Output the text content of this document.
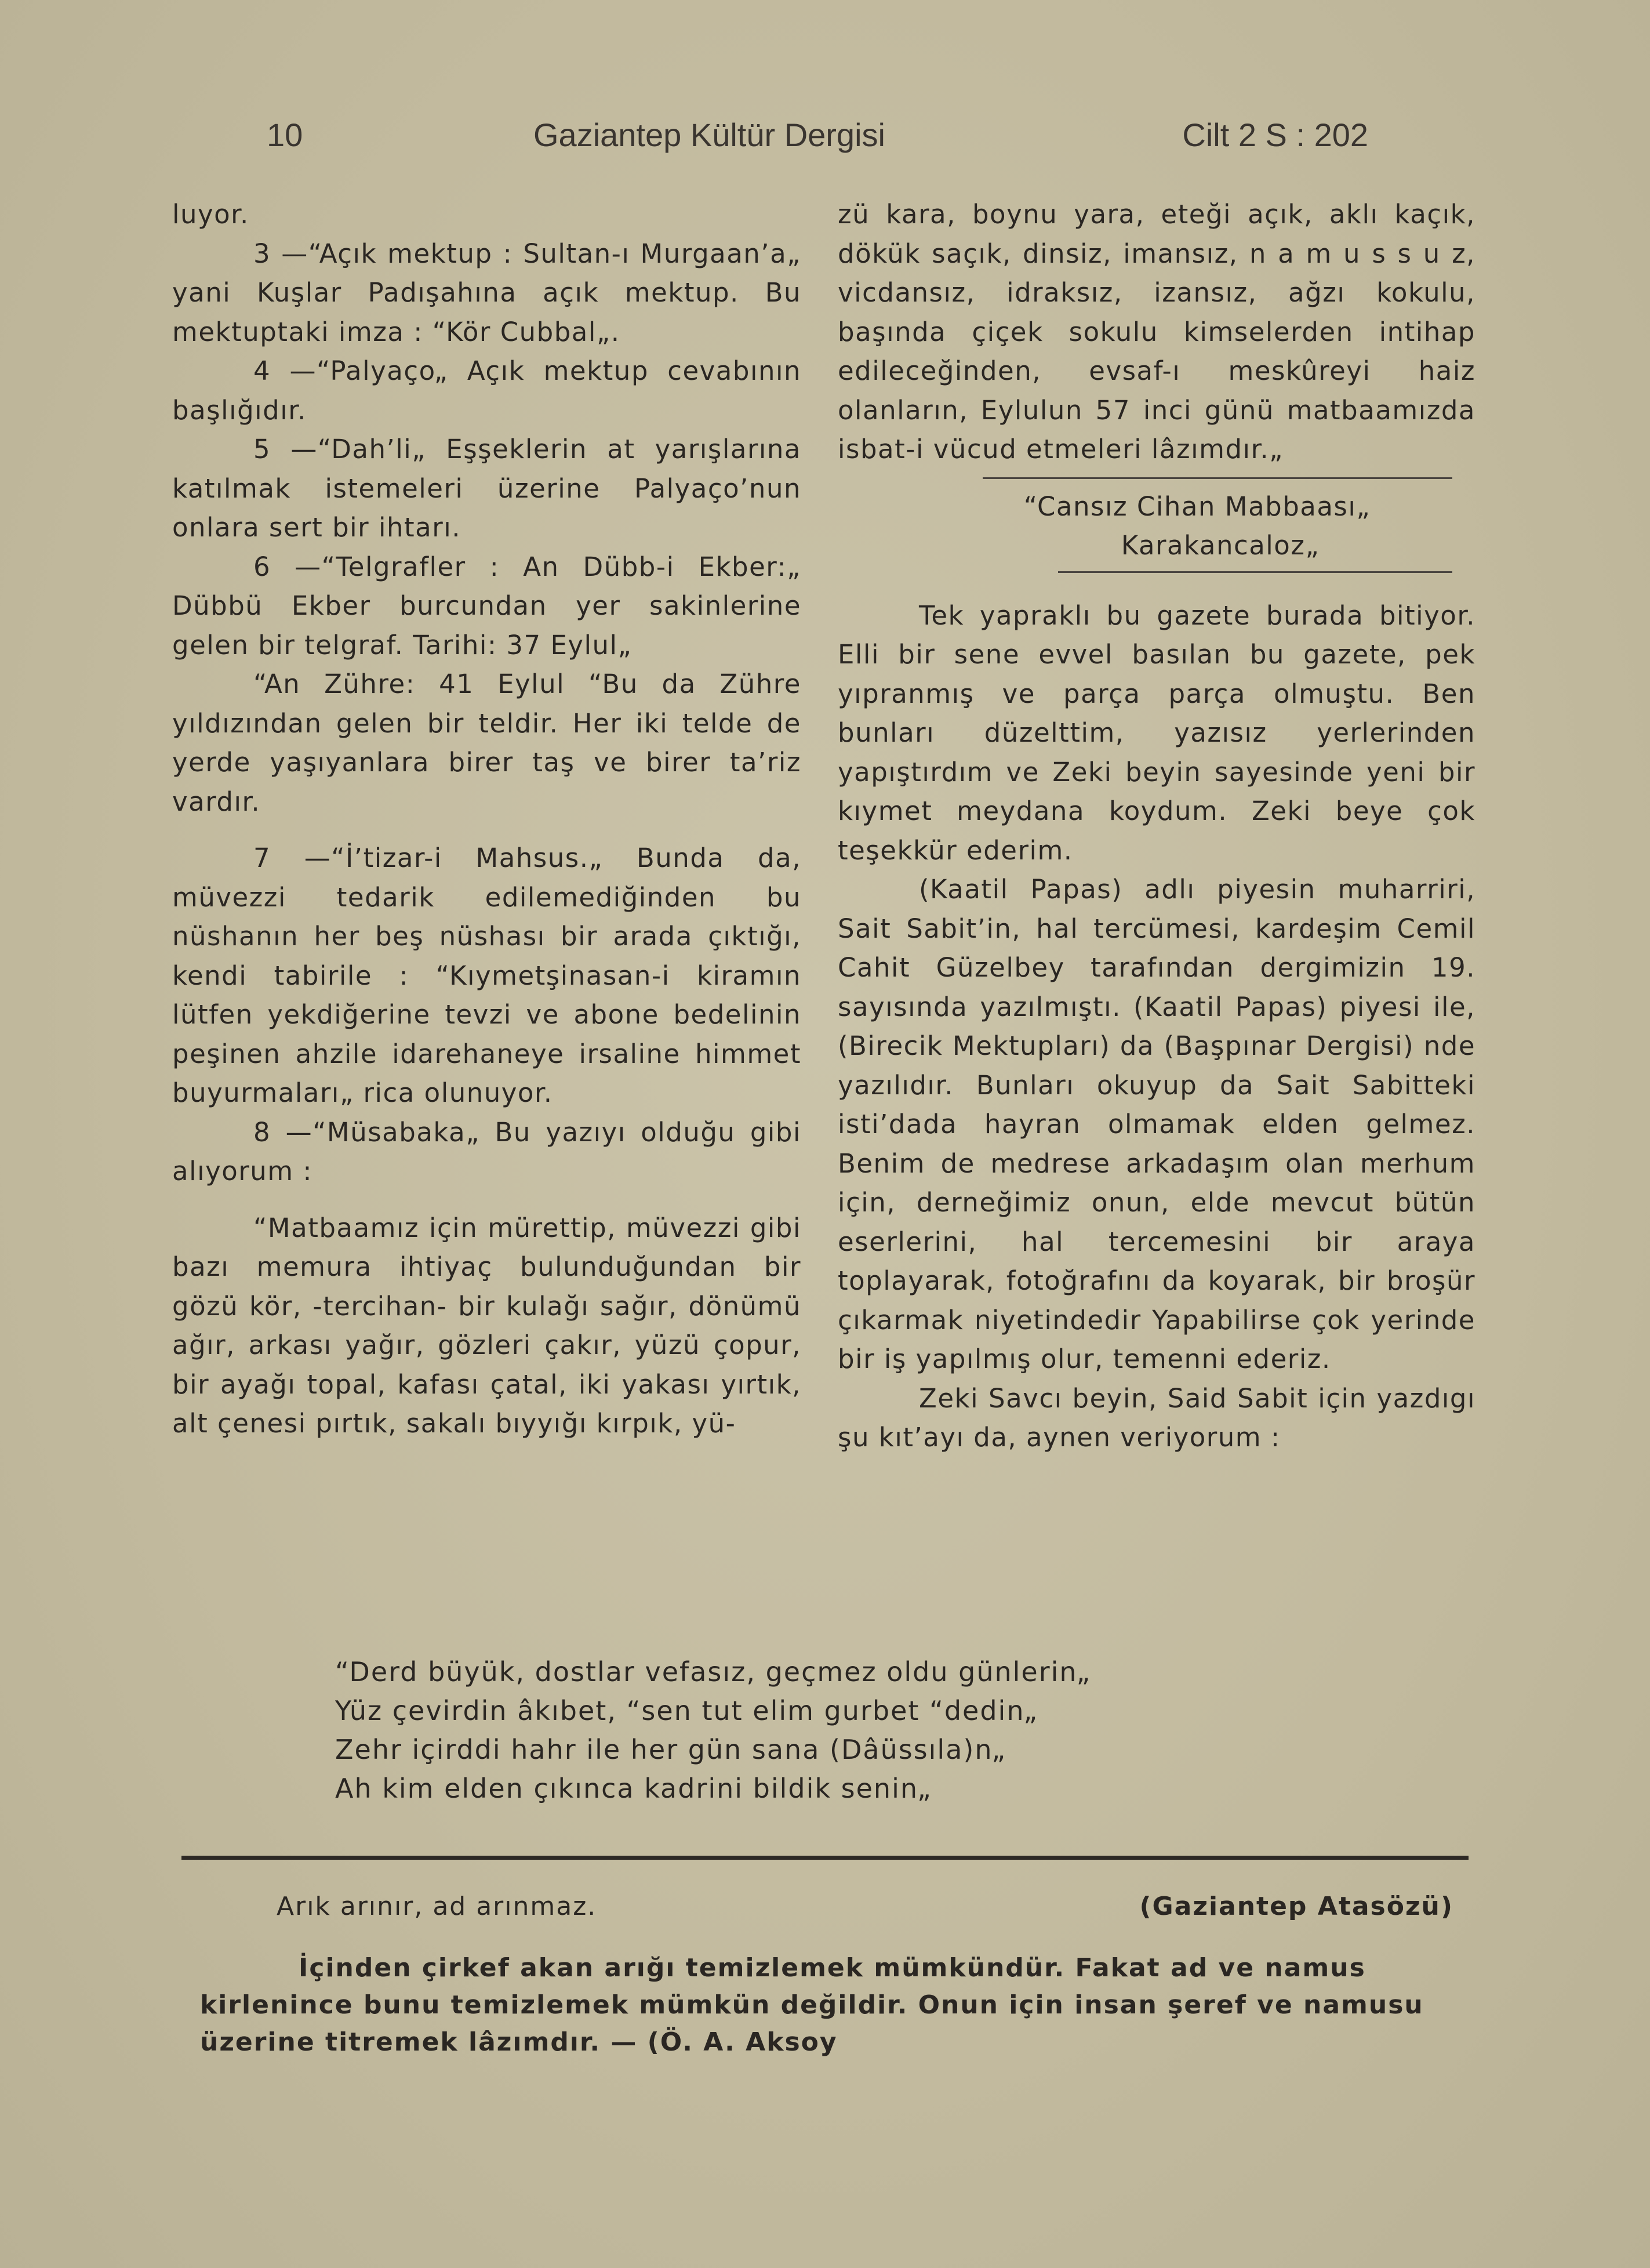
10	Gaziantep Kültür Dergisi	Cilt 2 S : 202

luyor.

3 —“Açık mektup : Sultan-ı Murgaan’a„ yani Kuşlar Padışahına açık mektup. Bu mektuptaki imza : “Kör Cubbal„.

4 —“Palyaço„ Açık mektup cevabının başlığıdır.

5 —“Dah’li„ Eşşeklerin at yarışlarına katılmak istemeleri üzerine Palyaço’nun onlara sert bir ihtarı.

6 —“Telgrafler : An Dübb-i Ekber:„ Dübbü Ekber burcundan yer sakinlerine gelen bir telgraf. Tarihi: 37 Eylul„

“An Zühre: 41 Eylul “Bu da Zühre yıldızından gelen bir teldir. Her iki telde de yerde yaşıyanlara birer taş ve birer ta’riz vardır.

7 —“İ’tizar-i Mahsus.„ Bunda da, müvezzi tedarik edilemediğinden bu nüshanın her beş nüshası bir arada çıktığı, kendi tabirile : “Kıymetşinasan-i kiramın lütfen yekdiğerine tevzi ve abone bedelinin peşinen ahzile idarehaneye irsaline himmet buyurmaları„ rica olunuyor.

8 —“Müsabaka„ Bu yazıyı olduğu gibi alıyorum :

“Matbaamız için mürettip, müvezzi gibi bazı memura ihtiyaç bulunduğundan bir gözü kör, -tercihan- bir kulağı sağır, dönümü ağır, arkası yağır, gözleri çakır, yüzü çopur, bir ayağı topal, kafası çatal, iki yakası yırtık, alt çenesi pırtık, sakalı bıyyığı kırpık, yü-

zü kara, boynu yara, eteği açık, aklı kaçık, dökük saçık, dinsiz, imansız, n a m u s s u z, vicdansız, idraksız, izansız, ağzı kokulu, başında çiçek sokulu kimselerden intihap edileceğinden, evsaf-ı meskûreyi haiz olanların, Eylulun 57 inci günü matbaamızda isbat-i vücud etmeleri lâzımdır.„

“Cansız Cihan Mabbaası„
Karakancaloz„

Tek yapraklı bu gazete burada bitiyor. Elli bir sene evvel basılan bu gazete, pek yıpranmış ve parça parça olmuştu. Ben bunları düzelttim, yazısız yerlerinden yapıştırdım ve Zeki beyin sayesinde yeni bir kıymet meydana koydum. Zeki beye çok teşekkür ederim.

(Kaatil Papas) adlı piyesin muharriri, Sait Sabit’in, hal tercümesi, kardeşim Cemil Cahit Güzelbey tarafından dergimizin 19. sayısında yazılmıştı. (Kaatil Papas) piyesi ile, (Birecik Mektupları) da (Başpınar Dergisi) nde yazılıdır. Bunları okuyup da Sait Sabitteki isti’dada hayran olmamak elden gelmez. Benim de medrese arkadaşım olan merhum için, derneğimiz onun, elde mevcut bütün eserlerini, hal tercemesini bir araya toplayarak, fotoğrafını da koyarak, bir broşür çıkarmak niyetindedir Yapabilirse çok yerinde bir iş yapılmış olur, temenni ederiz.

Zeki Savcı beyin, Said Sabit için yazdıgı şu kıt’ayı da, aynen veriyorum :

“Derd büyük, dostlar vefasız, geçmez oldu günlerin„
Yüz çevirdin âkıbet, “sen tut elim gurbet “dedin„
Zehr içirddi hahr ile her gün sana (Dâüssıla)n„
Ah kim elden çıkınca kadrini bildik senin„
Arık arınır, ad arınmaz.	(Gaziantep Atasözü)

İçinden çirkef akan arığı temizlemek mümkündür. Fakat ad ve namus kirlenince bunu temizlemek mümkün değildir. Onun için insan şeref ve namusu üzerine titremek lâzımdır. — (Ö. A. Aksoy
